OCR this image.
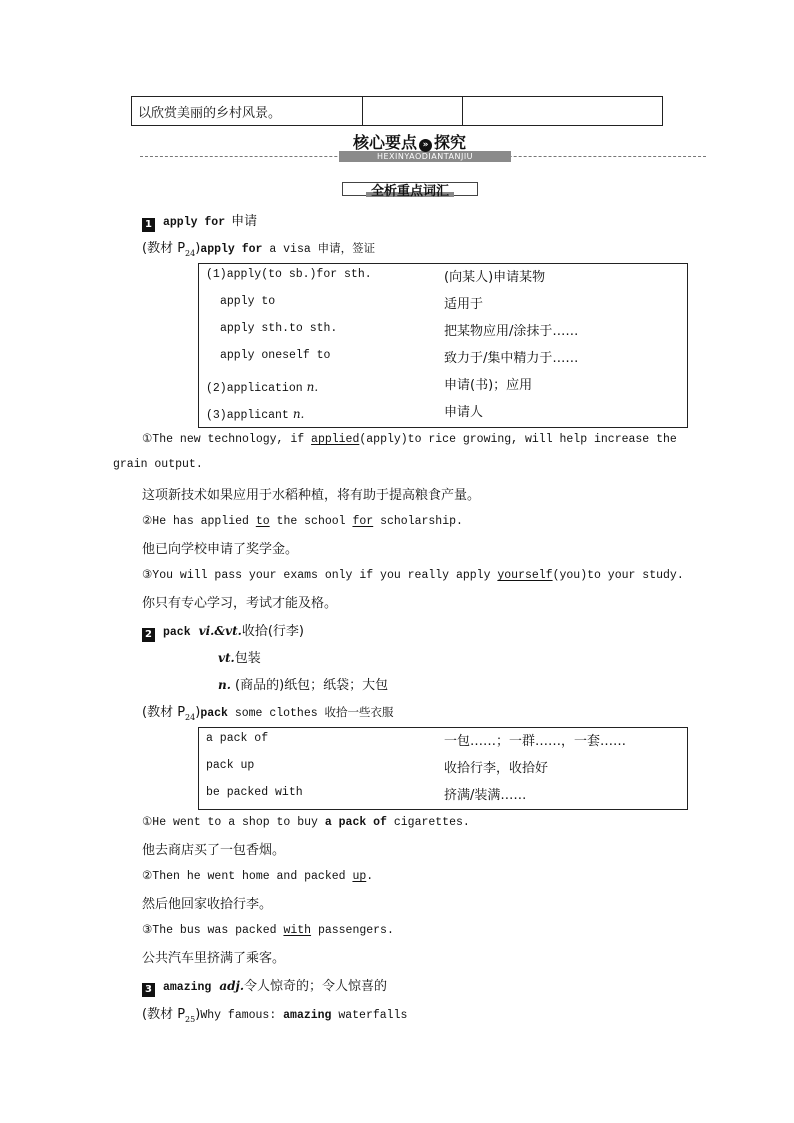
以欣赏美丽的乡村风景。
HEXINYAODIANTANJIU
核心要点 » 探究
全析重点词汇
1 apply for 申请
(教材 $P_{24})apply$ for a visa 申请，签证
(1)apply(to sb.)for sth.	(向某人)申请某物
apply to	适用于
apply sth.to sth.	把某物应用/涂抹于……
apply oneself to	致力于/集中精力于……
(2)application n.	申请(书)；应用
(3)applicant n.	申请人
①The new technology, if applied(apply)to rice growing, will help increase the
grain output.
这项新技术如果应用于水稻种植，将有助于提高粮食产量。
②He has applied to the school for scholarship.
他已向学校申请了奖学金。
③You will pass your exams only if you really apply yourself(you)to your study.
你只有专心学习，考试才能及格。
2 pack vi.&vt.收拾(行李)
vt.包装
n. (商品的)纸包；纸袋；大包
(教材 $P_{24})pack$ some clothes 收拾一些衣服
a pack of	一包……；一群……，一套……
pack up	收拾行李，收拾好
be packed with	挤满/装满……
①He went to a shop to buy a pack of cigarettes.
他去商店买了一包香烟。
②Then he went home and packed up.
然后他回家收拾行李。
③The bus was packed with passengers.
公共汽车里挤满了乘客。
3 amazing adj.令人惊奇的；令人惊喜的
(教材 $P_{25})Why$ famous: amazing waterfalls
